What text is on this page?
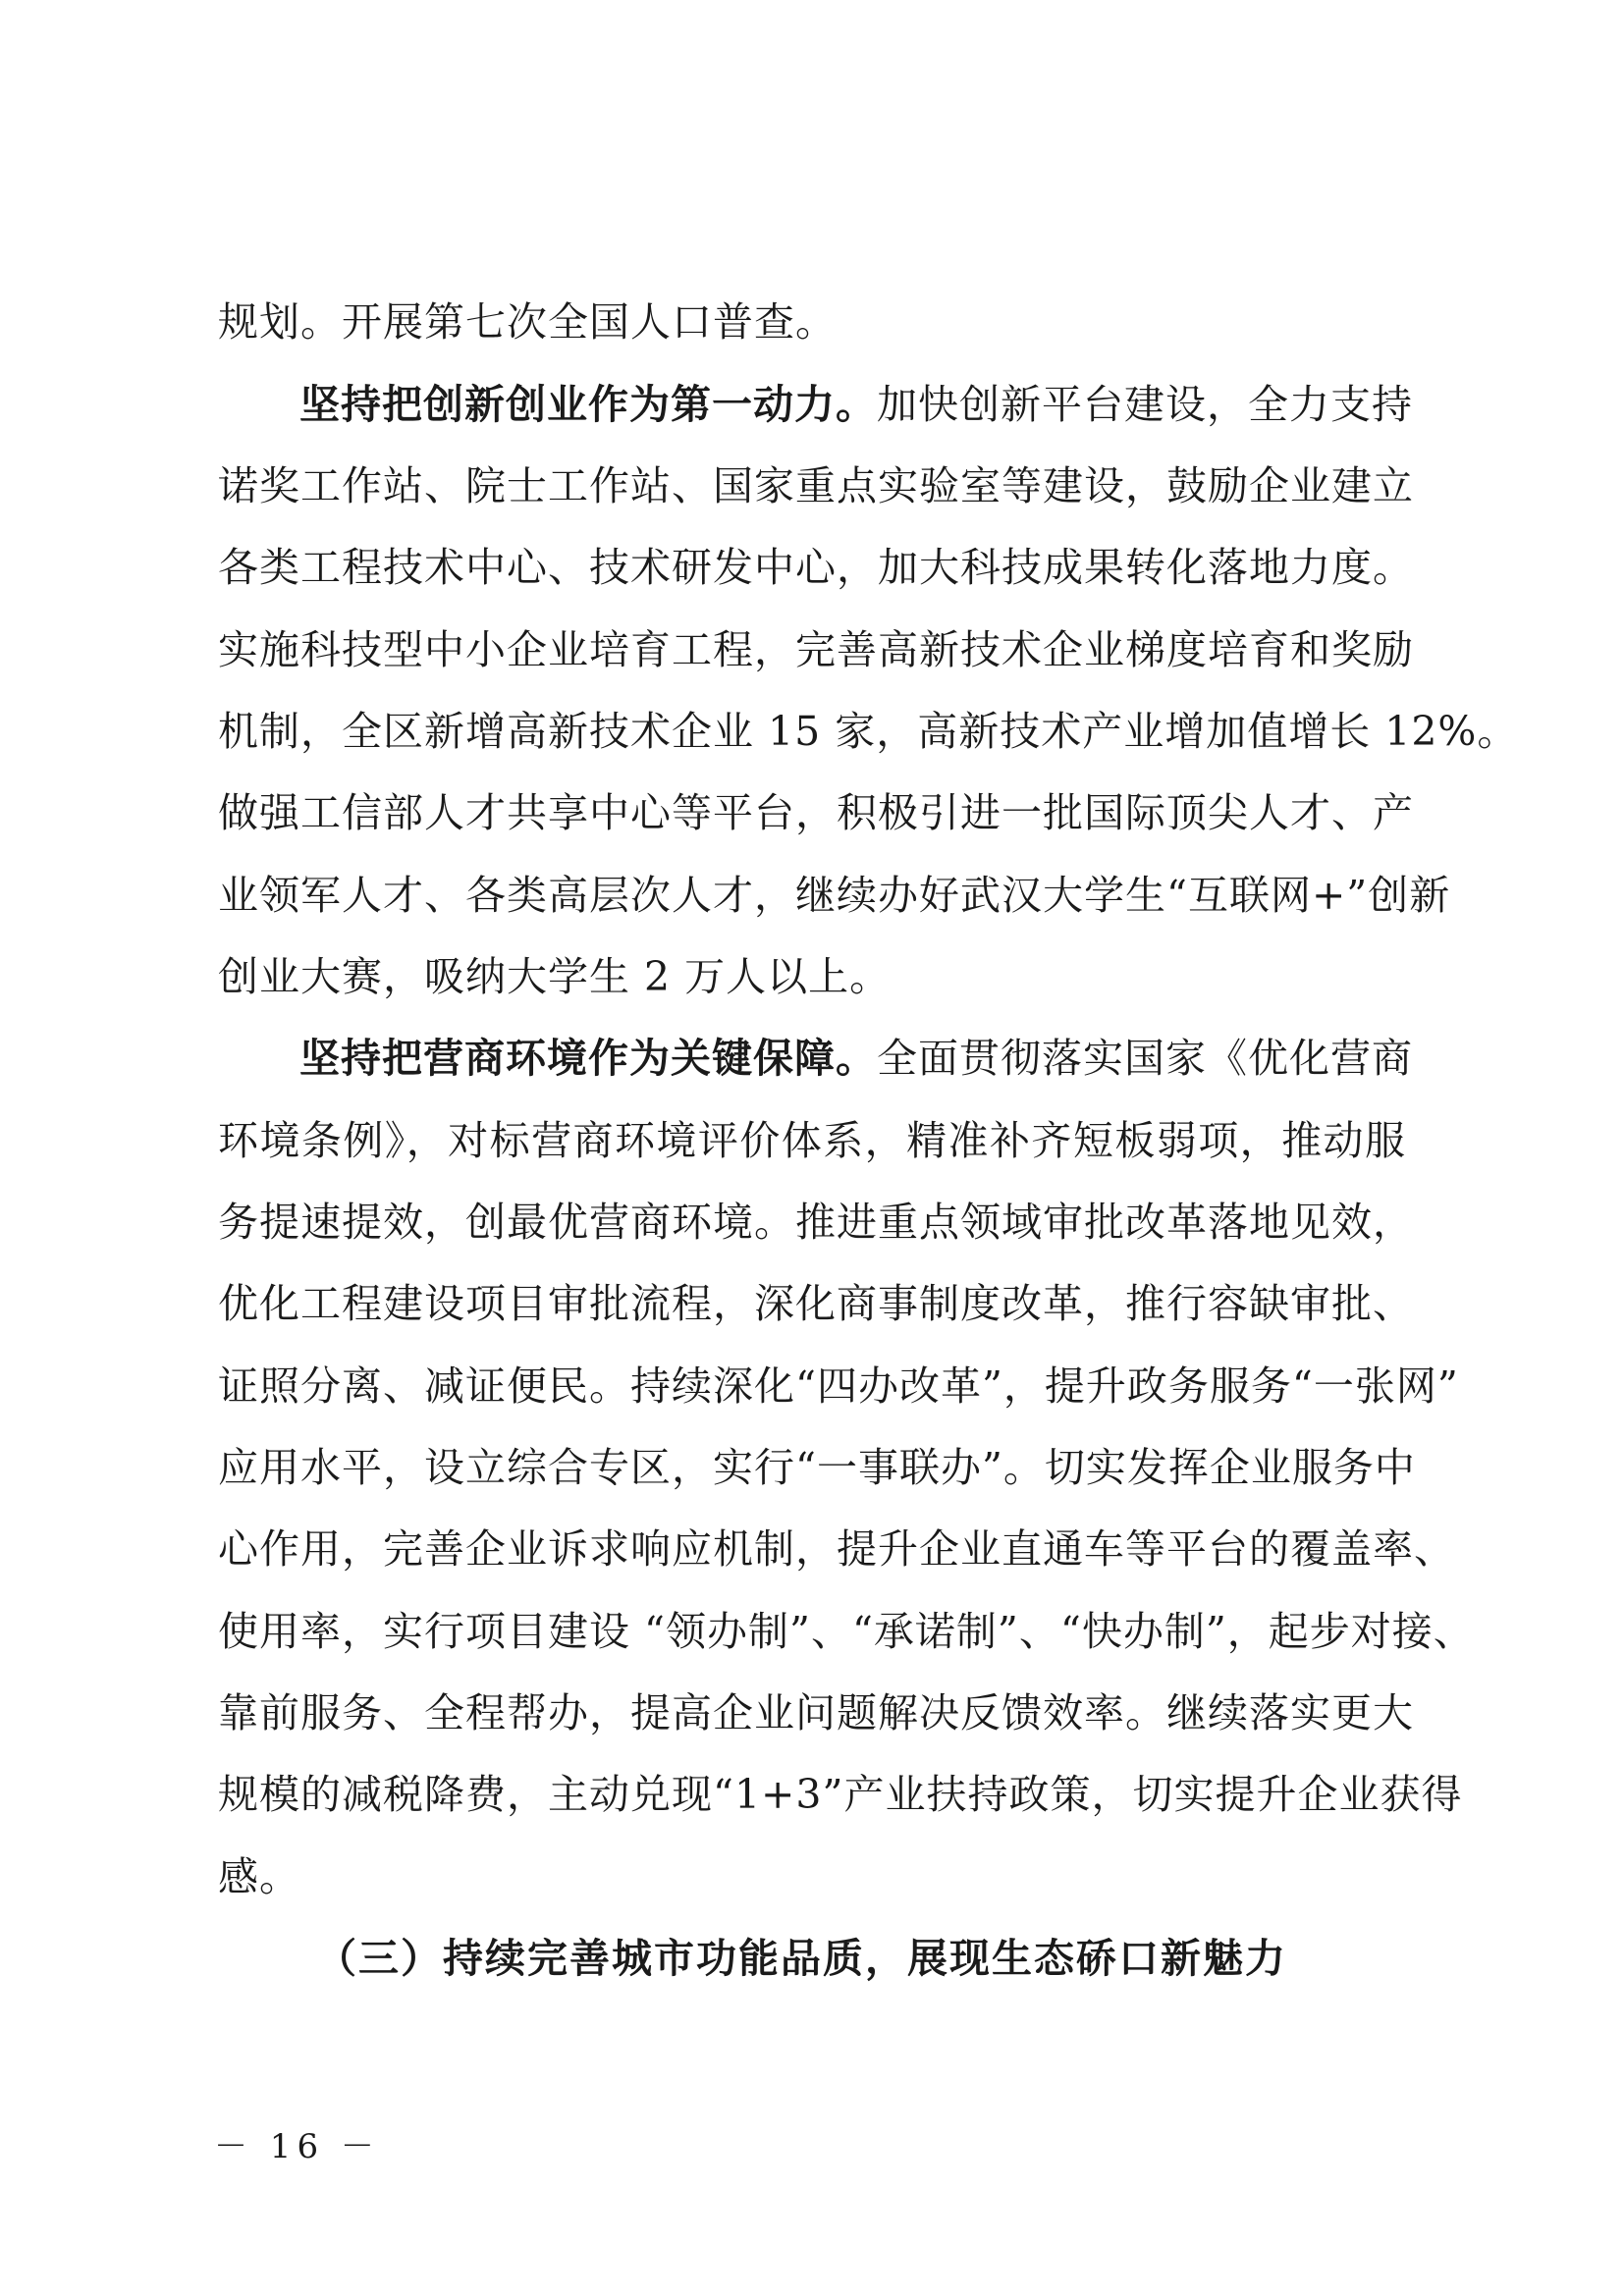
规划。开展第七次全国人口普查。
坚持把创新创业作为第一动力。加快创新平台建设，全力支持
诺奖工作站、院士工作站、国家重点实验室等建设，鼓励企业建立
各类工程技术中心、技术研发中心，加大科技成果转化落地力度。
实施科技型中小企业培育工程，完善高新技术企业梯度培育和奖励
机制，全区新增高新技术企业 15 家，高新技术产业增加值增长 12%。
做强工信部人才共享中心等平台，积极引进一批国际顶尖人才、产
业领军人才、各类高层次人才，继续办好武汉大学生“互联网+”创新
创业大赛，吸纳大学生 2 万人以上。
坚持把营商环境作为关键保障。全面贯彻落实国家《优化营商
环境条例》，对标营商环境评价体系，精准补齐短板弱项，推动服
务提速提效，创最优营商环境。推进重点领域审批改革落地见效，
优化工程建设项目审批流程，深化商事制度改革，推行容缺审批、
证照分离、减证便民。持续深化“四办改革”，提升政务服务“一张网”
应用水平，设立综合专区，实行“一事联办”。切实发挥企业服务中
心作用，完善企业诉求响应机制，提升企业直通车等平台的覆盖率、
使用率，实行项目建设 “领办制”、“承诺制”、“快办制”，起步对接、
靠前服务、全程帮办，提高企业问题解决反馈效率。继续落实更大
规模的减税降费，主动兑现“1+3”产业扶持政策，切实提升企业获得
感。
（三）持续完善城市功能品质，展现生态硚口新魅力
－ 16 －
